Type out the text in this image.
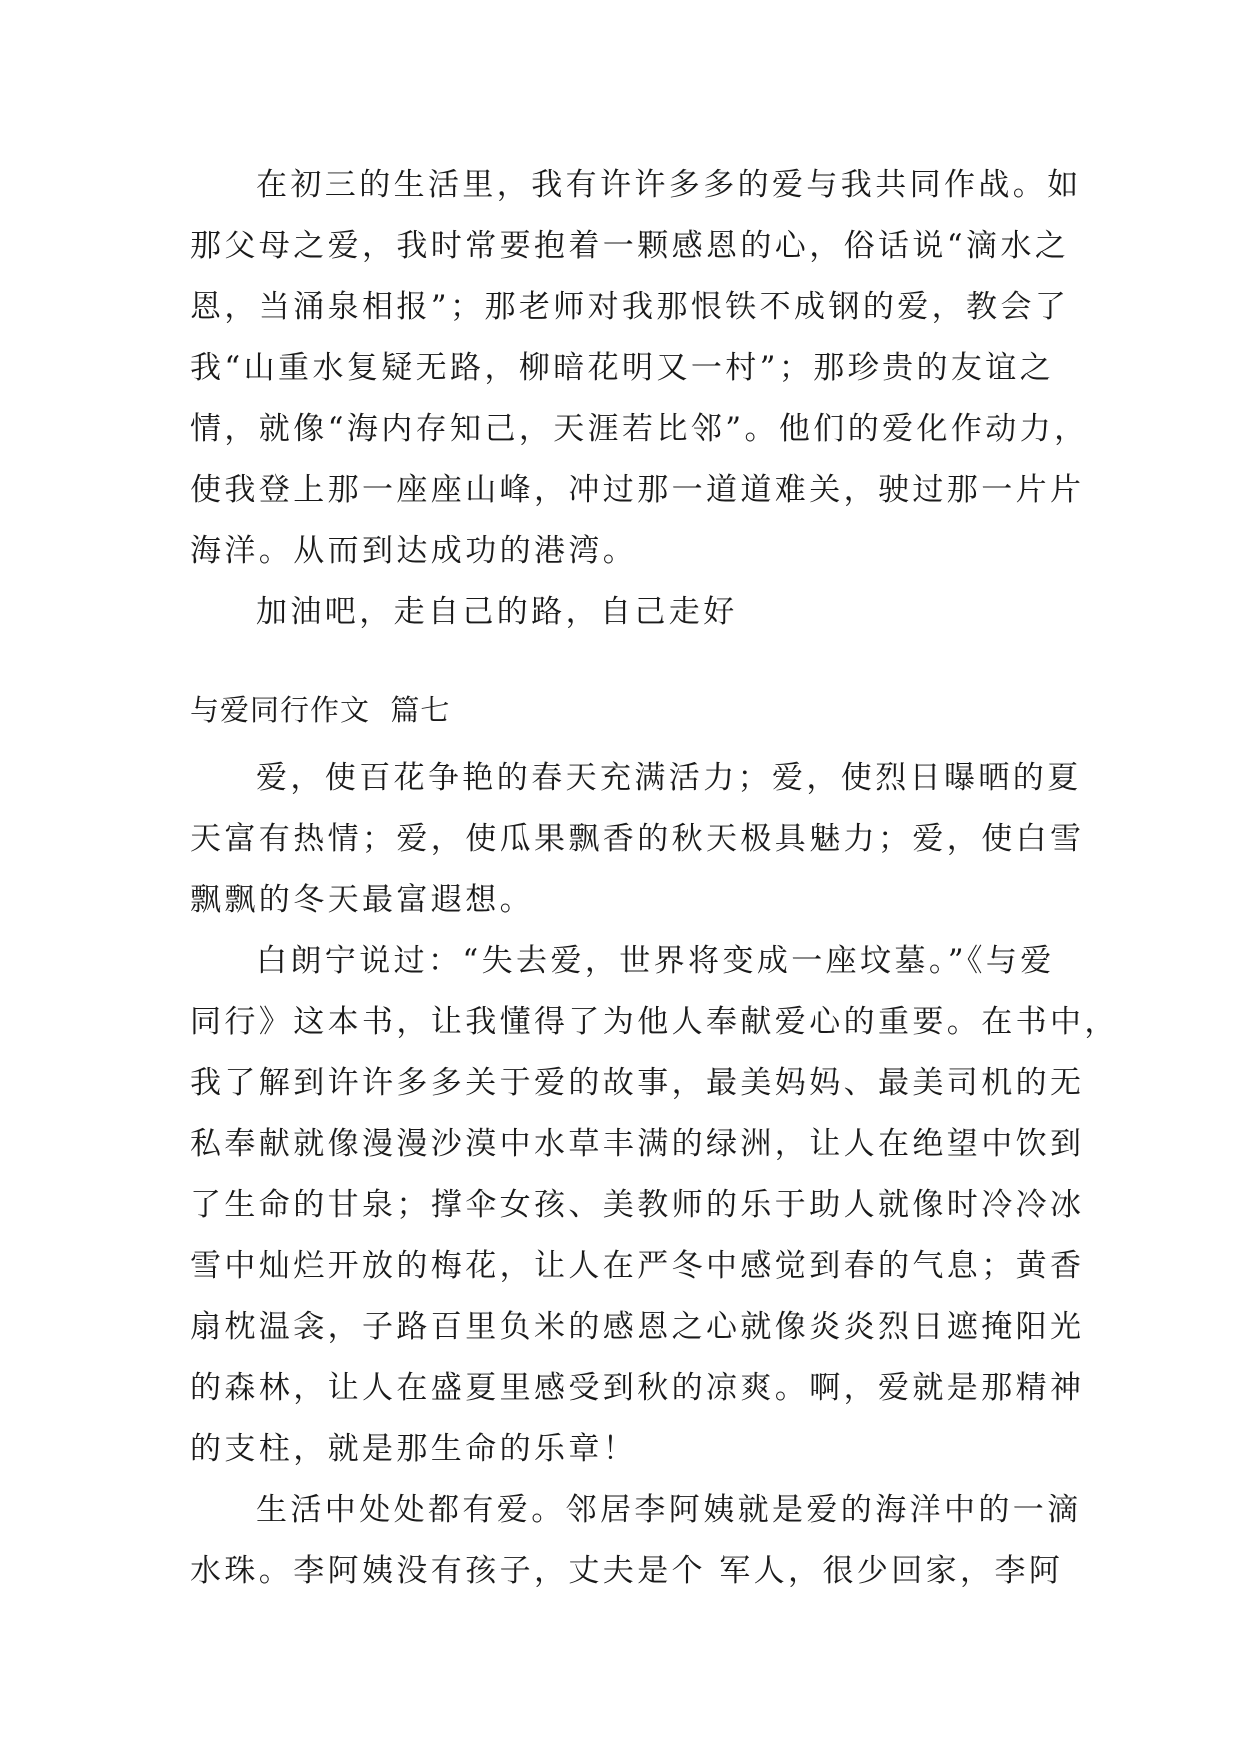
在初三的生活里，我有许许多多的爱与我共同作战。如
那父母之爱，我时常要抱着一颗感恩的心，俗话说“滴水之
恩，当涌泉相报”；那老师对我那恨铁不成钢的爱，教会了
我“山重水复疑无路，柳暗花明又一村”；那珍贵的友谊之
情，就像“海内存知己，天涯若比邻”。他们的爱化作动力，
使我登上那一座座山峰，冲过那一道道难关，驶过那一片片
海洋。从而到达成功的港湾。
加油吧，走自己的路，自己走好
与爱同行作文  篇七
爱，使百花争艳的春天充满活力；爱，使烈日曝晒的夏
天富有热情；爱，使瓜果飘香的秋天极具魅力；爱，使白雪
飘飘的冬天最富遐想。
白朗宁说过：“失去爱，世界将变成一座坟墓。”《与爱
同行》这本书，让我懂得了为他人奉献爱心的重要。在书中，
我了解到许许多多关于爱的故事，最美妈妈、最美司机的无
私奉献就像漫漫沙漠中水草丰满的绿洲，让人在绝望中饮到
了生命的甘泉；撑伞女孩、美教师的乐于助人就像时冷冷冰
雪中灿烂开放的梅花，让人在严冬中感觉到春的气息；黄香
扇枕温衾，子路百里负米的感恩之心就像炎炎烈日遮掩阳光
的森林，让人在盛夏里感受到秋的凉爽。啊，爱就是那精神
的支柱，就是那生命的乐章！
生活中处处都有爱。邻居李阿姨就是爱的海洋中的一滴
水珠。李阿姨没有孩子，丈夫是个 军人，很少回家，李阿
